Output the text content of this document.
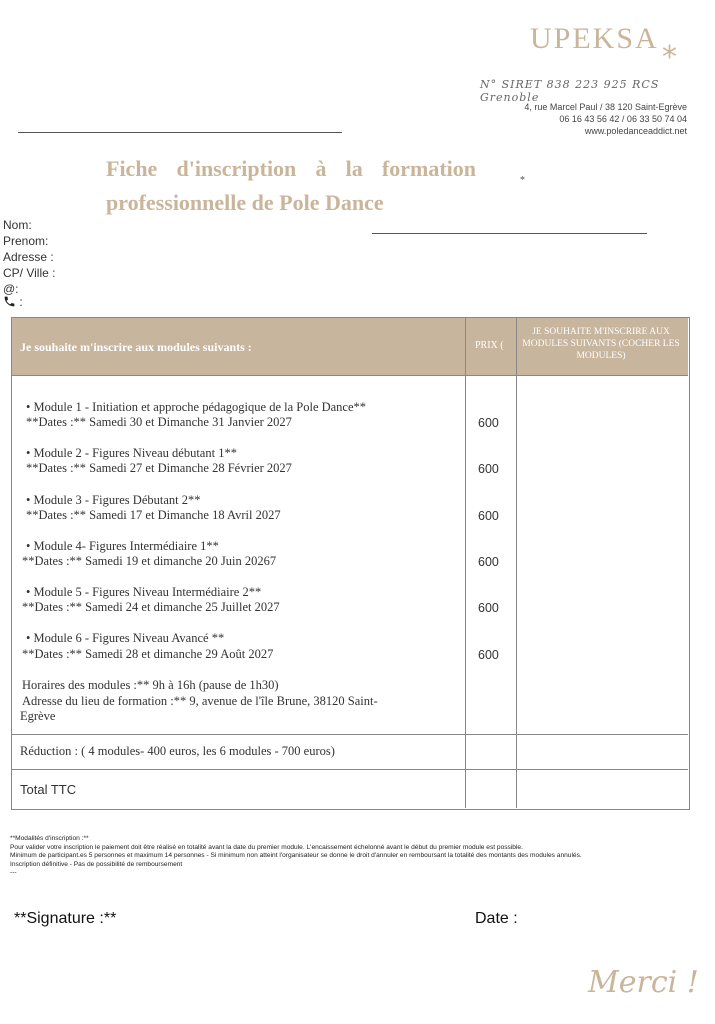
UPEKSA
*
N° SIRET 838 223 925 RCS Grenoble
4, rue Marcel Paul / 38 120 Saint-Egrève
06 16 43 56 42 / 06 33 50 74 04
www.poledanceaddict.net
Fiche d'inscription à la formation professionnelle de Pole Dance
*
Nom:
Prenom:
Adresse :
CP/ Ville :
@:
:
Je souhaite m'inscrire aux modules suivants :	PRIX (
JE SOUHAITE M'INSCRIRE AUX MODULES SUIVANTS (COCHER LES MODULES)
• Module 1 - Initiation et approche pédagogique de la Pole Dance**
**Dates :** Samedi 30 et Dimanche 31 Janvier 2027	600
• Module 2 - Figures Niveau débutant 1**
**Dates :** Samedi 27 et Dimanche 28 Février 2027	600
• Module 3 - Figures Débutant 2**
**Dates :** Samedi 17 et Dimanche 18 Avril 2027	600
• Module 4- Figures Intermédiaire 1**
**Dates :** Samedi 19 et dimanche 20 Juin 20267	600
• Module 5 - Figures Niveau Intermédiaire 2**
**Dates :** Samedi 24 et dimanche 25 Juillet 2027	600
• Module 6 - Figures Niveau Avancé **
**Dates :** Samedi 28 et dimanche 29 Août 2027	600
Horaires des modules :** 9h à 16h (pause de 1h30)
Adresse du lieu de formation :** 9, avenue de l'île Brune, 38120 Saint-
Egrève
Réduction : ( 4 modules- 400 euros, les 6 modules - 700 euros)
Total TTC
**Modalités d'inscription :**
Pour valider votre inscription le paiement doit être réalisé en totalité avant la date du premier module. L'encaissement échelonné avant le début du premier module est possible.
Minimum de participant.es 5 personnes et maximum 14 personnes - Si minimum non atteint l'organisateur se donne le droit d'annuler en remboursant la totalité des montants des modules annulés.
Inscription définitive - Pas de possibilité de remboursement
---
**Signature :**	Date :
Merci !
